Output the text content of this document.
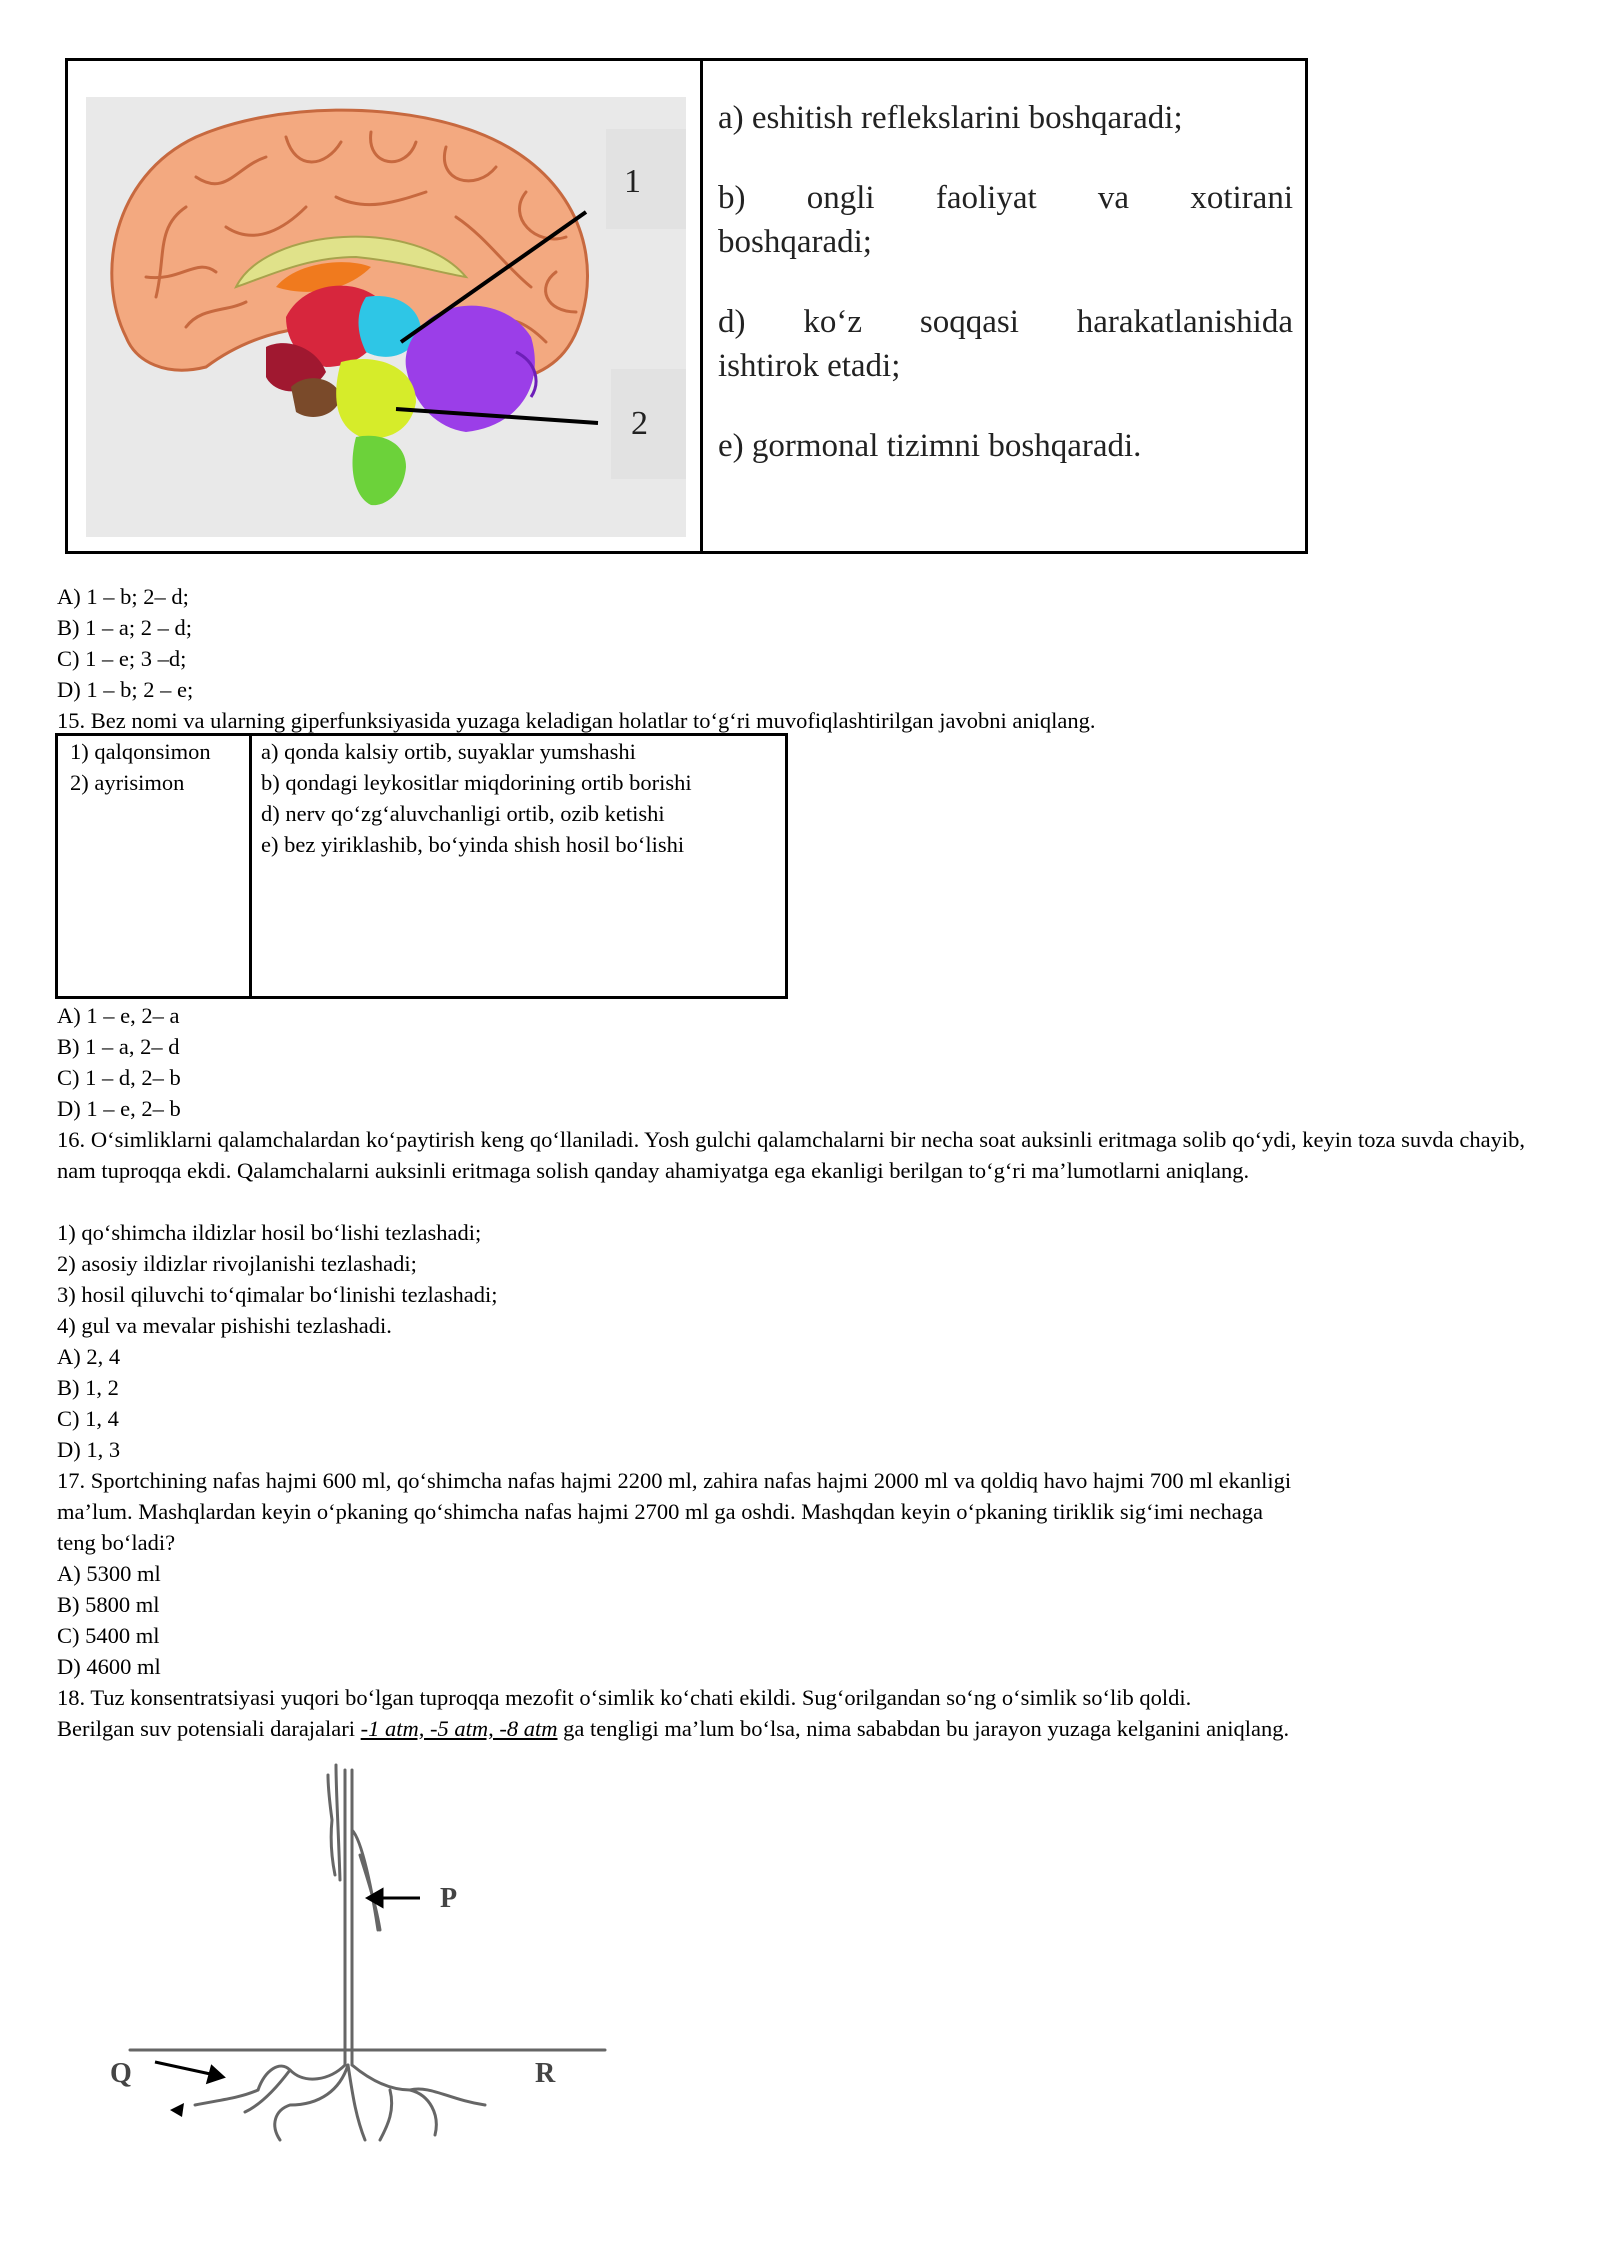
1
2
a) eshitish reflekslarini boshqaradi;
b) ongli faoliyat va xotirani
boshqaradi;
d) ko‘z soqqasi harakatlanishida
ishtirok etadi;
e) gormonal tizimni boshqaradi.
A) 1 – b; 2– d;
B) 1 – a; 2 – d;
C) 1 – e; 3 –d;
D) 1 – b; 2 – e;
15. Bez nomi va ularning giperfunksiyasida yuzaga keladigan holatlar to‘g‘ri muvofiqlashtirilgan javobni aniqlang.
1) qalqonsimon
2) ayrisimon
a) qonda kalsiy ortib, suyaklar yumshashi
b) qondagi leykositlar miqdorining ortib borishi
d) nerv qo‘zg‘aluvchanligi ortib, ozib ketishi
e) bez yiriklashib, bo‘yinda shish hosil bo‘lishi
A) 1 – e, 2– a
B) 1 – a, 2– d
C) 1 – d, 2– b
D) 1 – e, 2– b
16. O‘simliklarni qalamchalardan ko‘paytirish keng qo‘llaniladi. Yosh gulchi qalamchalarni bir necha soat auksinli eritmaga solib qo‘ydi, keyin toza suvda chayib, nam tuproqqa ekdi. Qalamchalarni auksinli eritmaga solish qanday ahamiyatga ega ekanligi berilgan to‘g‘ri ma’lumotlarni aniqlang.
1) qo‘shimcha ildizlar hosil bo‘lishi tezlashadi;
2) asosiy ildizlar rivojlanishi tezlashadi;
3) hosil qiluvchi to‘qimalar bo‘linishi tezlashadi;
4) gul va mevalar pishishi tezlashadi.
A) 2, 4
B) 1, 2
C) 1, 4
D) 1, 3
17. Sportchining nafas hajmi 600 ml, qo‘shimcha nafas hajmi 2200 ml, zahira nafas hajmi 2000 ml va qoldiq havo hajmi 700 ml ekanligi
ma’lum. Mashqlardan keyin o‘pkaning qo‘shimcha nafas hajmi 2700 ml ga oshdi. Mashqdan keyin o‘pkaning tiriklik sig‘imi nechaga
teng bo‘ladi?
A) 5300 ml
B) 5800 ml
C) 5400 ml
D) 4600 ml
18. Tuz konsentratsiyasi yuqori bo‘lgan tuproqqa mezofit o‘simlik ko‘chati ekildi. Sug‘orilgandan so‘ng o‘simlik so‘lib qoldi.
Berilgan suv potensiali darajalari -1 atm, -5 atm, -8 atm ga tengligi ma’lum bo‘lsa, nima sababdan bu jarayon yuzaga kelganini aniqlang.
P
Q	R
